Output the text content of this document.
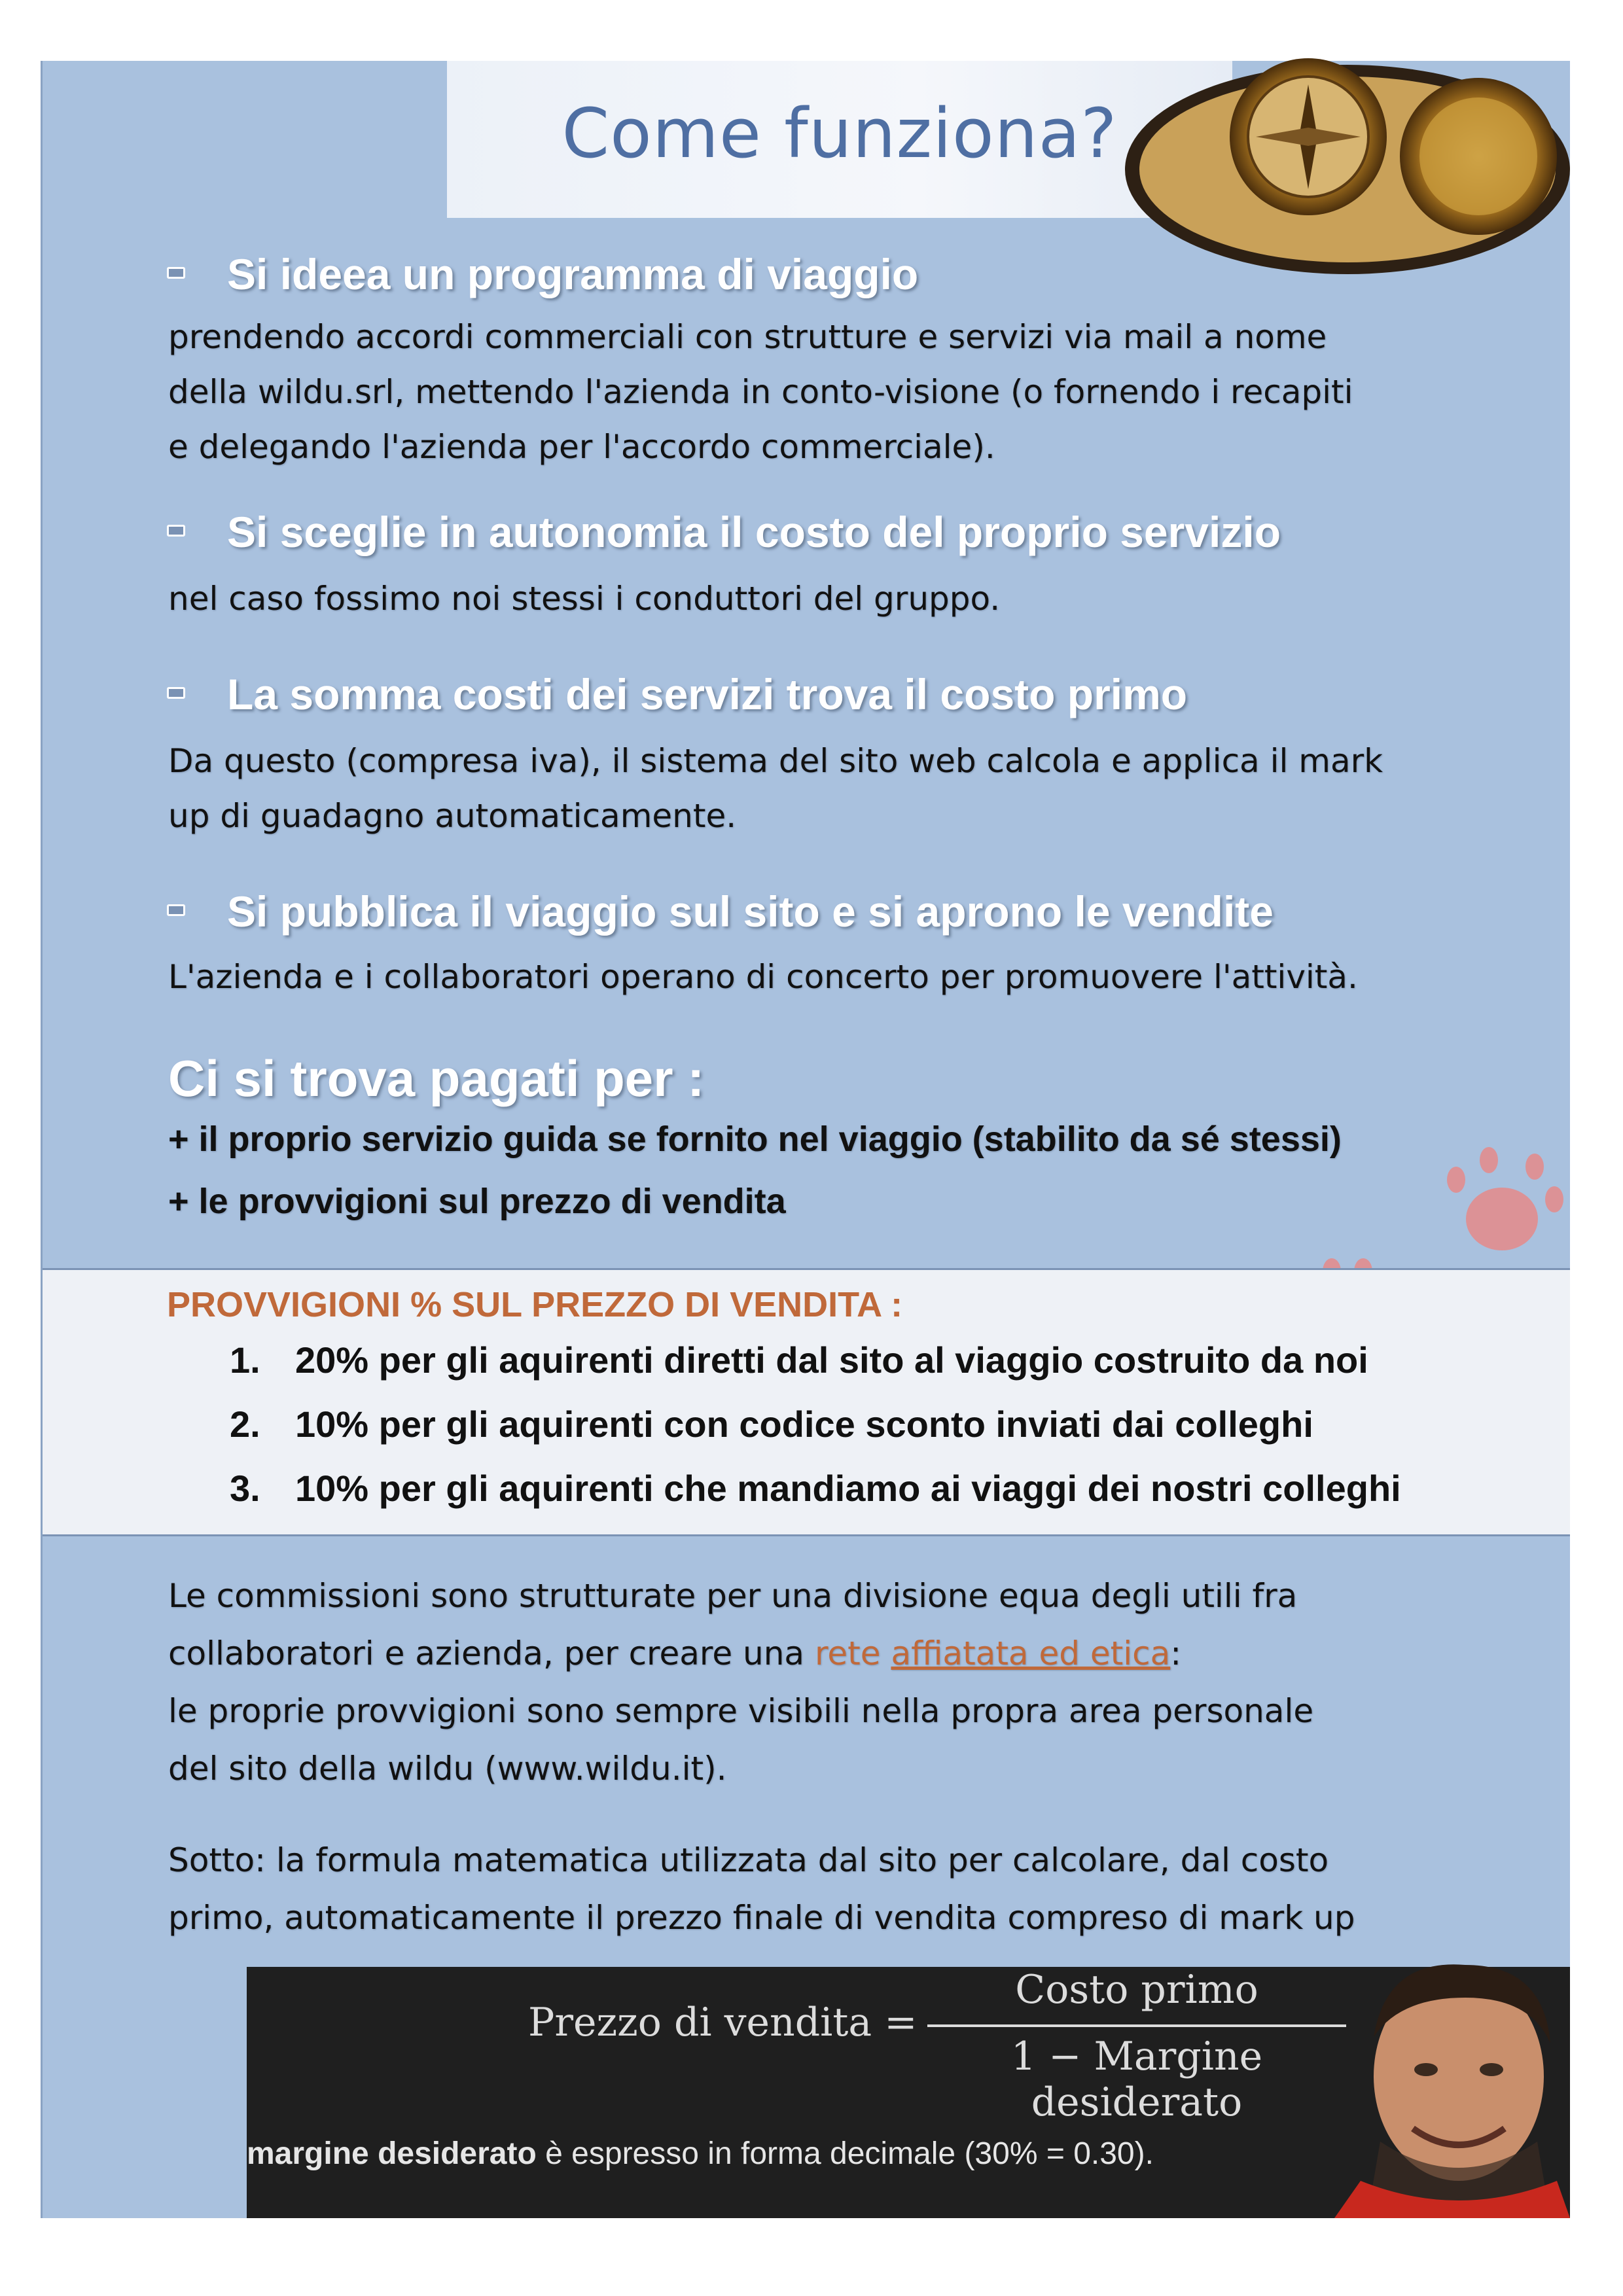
Come funziona?
Si ideea un programma di viaggio
prendendo accordi commerciali con strutture e servizi via mail a nome
della wildu.srl, mettendo l'azienda in conto-visione (o fornendo i recapiti
e delegando l'azienda per l'accordo commerciale).
Si sceglie in autonomia il costo del proprio servizio
nel caso fossimo noi stessi i conduttori del gruppo.
La somma costi dei servizi trova il costo primo
Da questo (compresa iva), il sistema del sito web calcola e applica il mark
up di guadagno automaticamente.
Si pubblica il viaggio sul sito e si aprono le vendite
L'azienda e i collaboratori operano di concerto per promuovere l'attività.
Ci si trova pagati per :
+ il proprio servizio guida se fornito nel viaggio (stabilito da sé stessi)
+ le provvigioni sul prezzo di vendita
PROVVIGIONI % SUL PREZZO DI VENDITA :
1. 20% per gli aquirenti diretti dal sito al viaggio costruito da noi
2. 10% per gli aquirenti con codice sconto inviati dai colleghi
3. 10% per gli aquirenti che mandiamo ai viaggi dei nostri colleghi
Le commissioni sono strutturate per una divisione equa degli utili fra
collaboratori e azienda, per creare una rete affiatata ed etica:
le proprie provvigioni sono sempre visibili nella propra area personale
del sito della wildu (www.wildu.it).
Sotto: la formula matematica utilizzata dal sito per calcolare, dal costo
primo, automaticamente il prezzo finale di vendita compreso di mark up
Prezzo di vendita =
Costo primo
1 − Margine desiderato
margine desiderato è espresso in forma decimale (30% = 0.30).
